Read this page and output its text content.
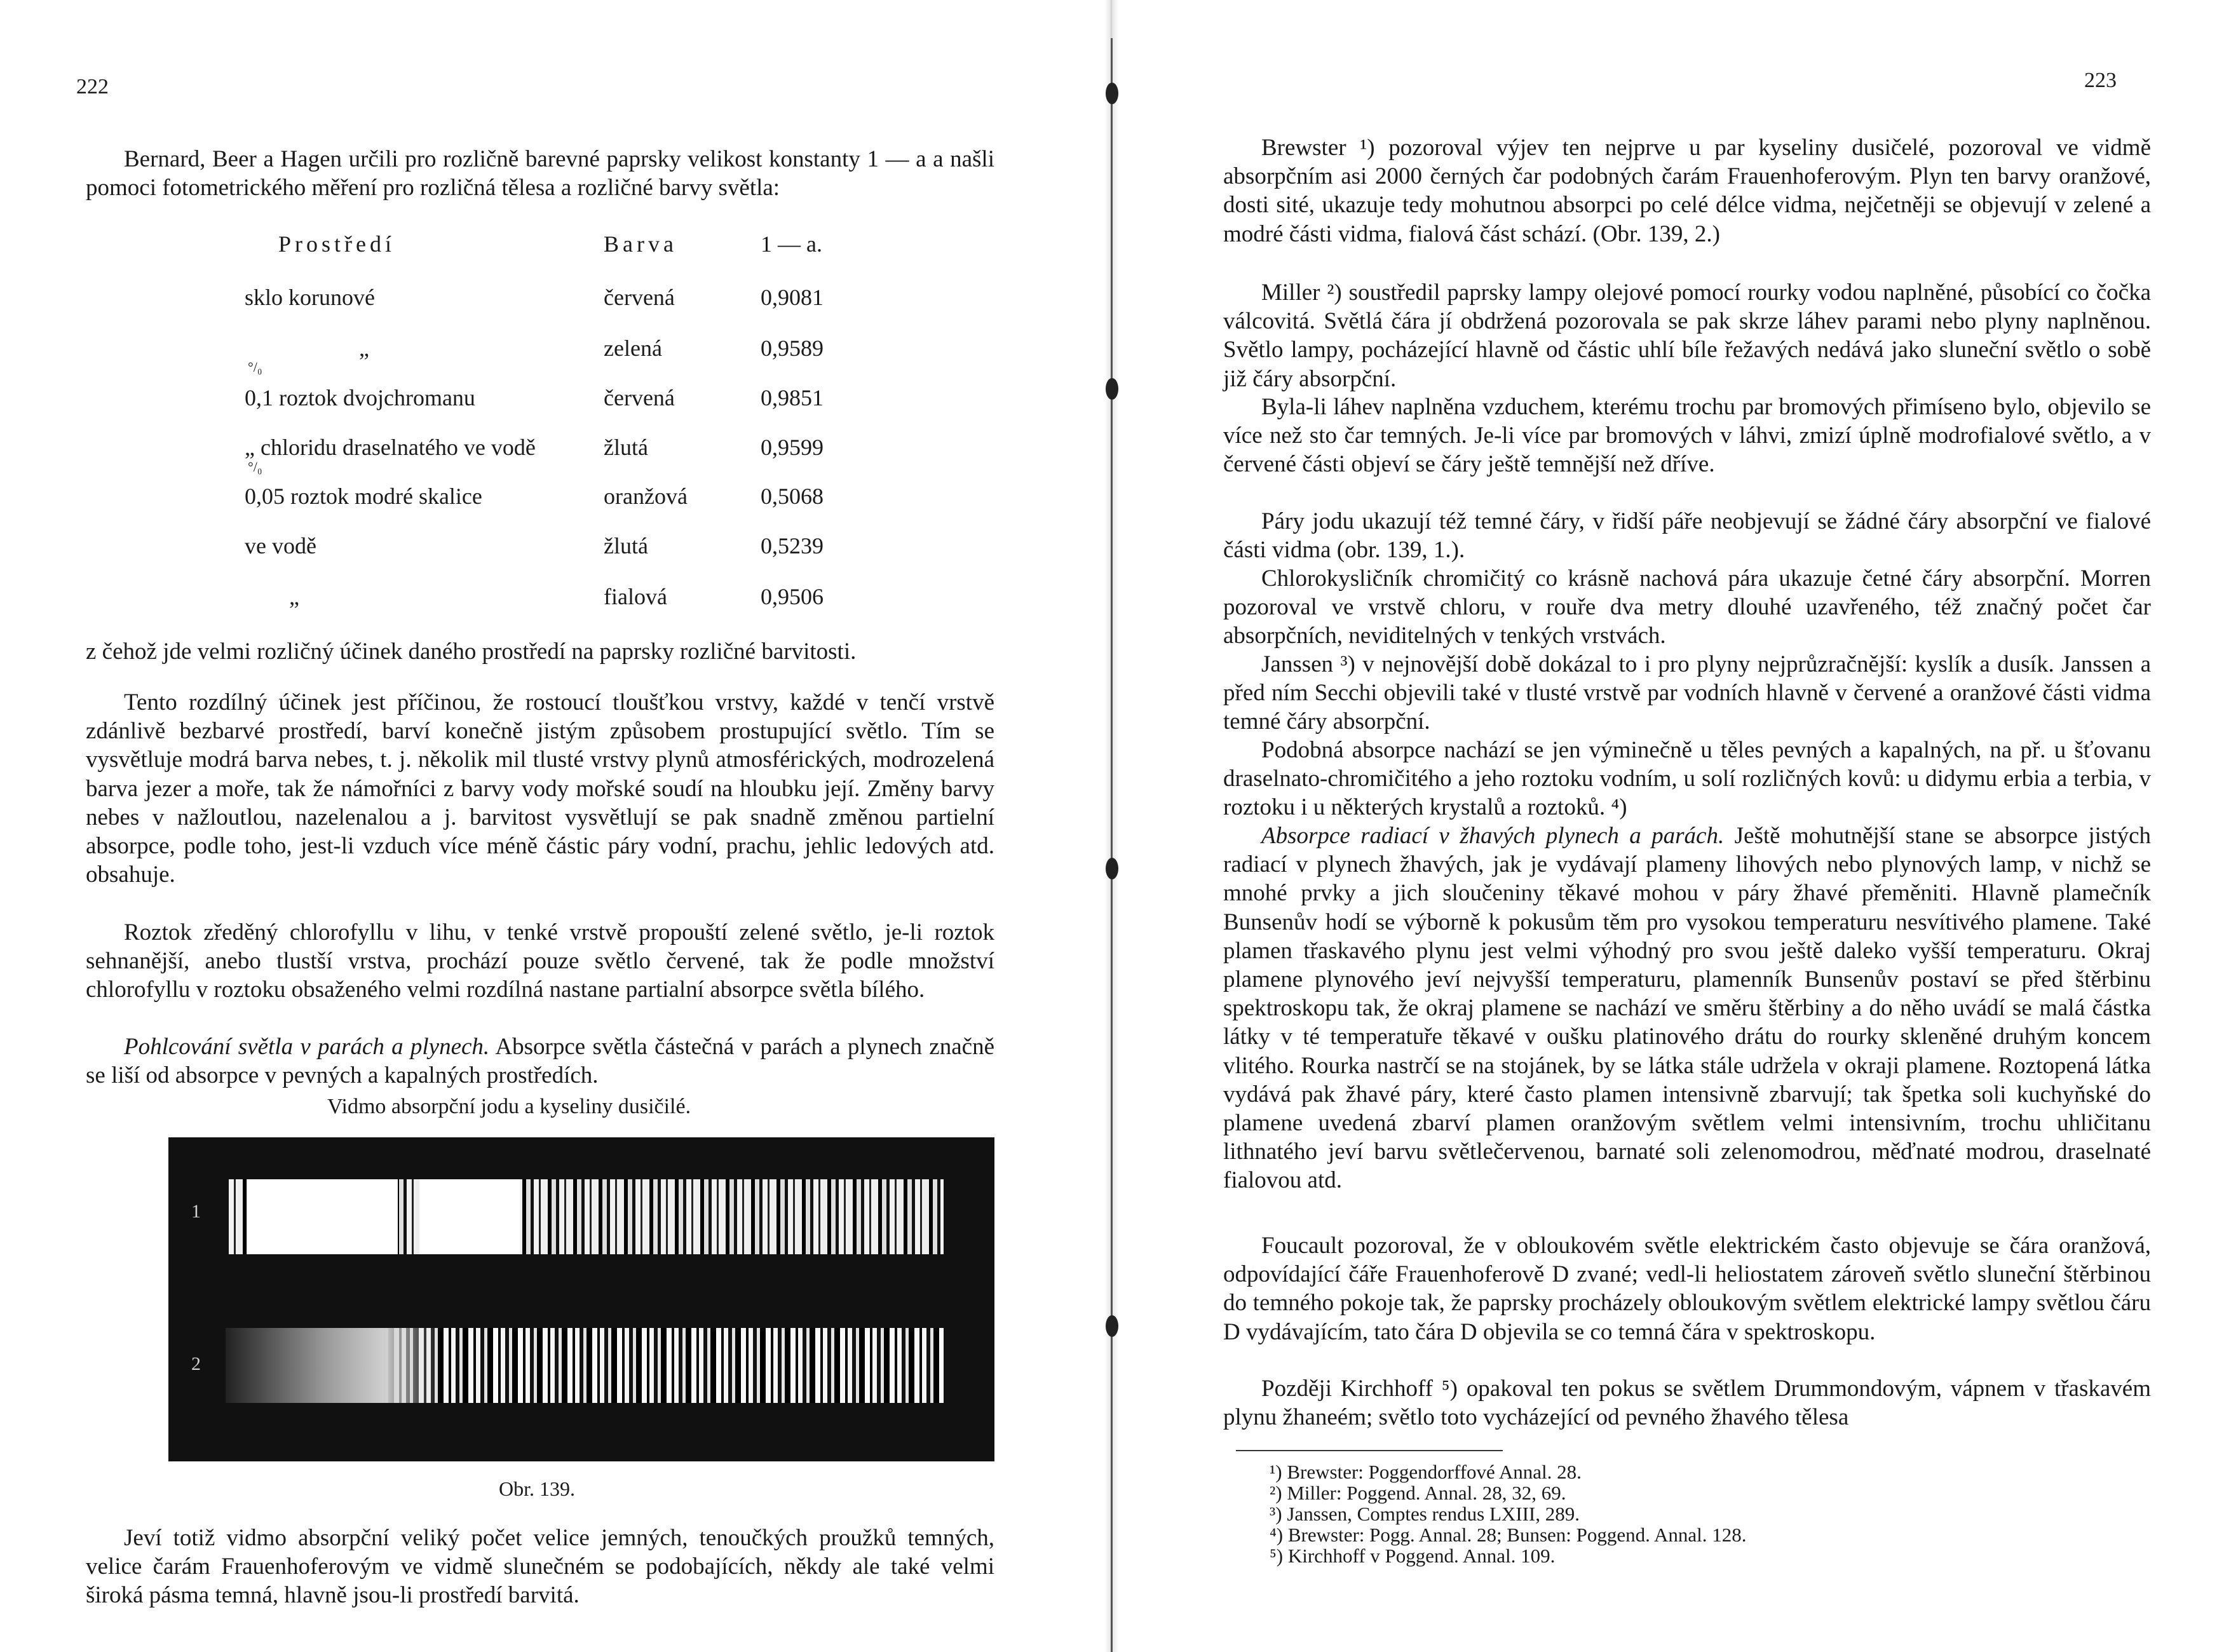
222

Bernard, Beer a Hagen určili pro rozličně barevné paprsky velikost konstanty 1 — a a našli pomoci fotometrického měření pro rozličná tělesa a rozličné barvy světla:

Prostředí	Barva	1 — a.
sklo korunové	červená	0,9081
„	zelená	0,9589
°/₀
0,1 roztok dvojchromanu	červená	0,9851
„ chloridu draselnatého ve vodě	žlutá	0,9599
°/₀
0,05 roztok modré skalice	oranžová	0,5068
ve vodě	žlutá	0,5239
„	fialová	0,9506

z čehož jde velmi rozličný účinek daného prostředí na paprsky rozličné barvitosti.

Tento rozdílný účinek jest příčinou, že rostoucí tloušťkou vrstvy, každé v tenčí vrstvě zdánlivě bezbarvé prostředí, barví konečně jistým způsobem prostupující světlo. Tím se vysvětluje modrá barva nebes, t. j. několik mil tlusté vrstvy plynů atmosférických, modrozelená barva jezer a moře, tak že námořníci z barvy vody mořské soudí na hloubku její. Změny barvy nebes v nažloutlou, nazelenalou a j. barvitost vysvětlují se pak snadně změnou partielní absorpce, podle toho, jest-li vzduch více méně částic páry vodní, prachu, jehlic ledových atd. obsahuje.

Roztok zředěný chlorofyllu v lihu, v tenké vrstvě propouští zelené světlo, je-li roztok sehnanější, anebo tlustší vrstva, prochází pouze světlo červené, tak že podle množství chlorofyllu v roztoku obsaženého velmi rozdílná nastane partialní absorpce světla bílého.

Pohlcování světla v parách a plynech. Absorpce světla částečná v parách a plynech značně se liší od absorpce v pevných a kapalných prostředích.

Vidmo absorpční jodu a kyseliny dusičilé.
1
2
Obr. 139.

Jeví totiž vidmo absorpční veliký počet velice jemných, tenoučkých proužků temných, velice čarám Frauenhoferovým ve vidmě slunečném se podobajících, někdy ale také velmi široká pásma temná, hlavně jsou-li prostředí barvitá.

223

Brewster ¹) pozoroval výjev ten nejprve u par kyseliny dusičelé, pozoroval ve vidmě absorpčním asi 2000 černých čar podobných čarám Frauenhoferovým. Plyn ten barvy oranžové, dosti sité, ukazuje tedy mohutnou absorpci po celé délce vidma, nejčetněji se objevují v zelené a modré části vidma, fialová část schází. (Obr. 139, 2.)

Miller ²) soustředil paprsky lampy olejové pomocí rourky vodou naplněné, působící co čočka válcovitá. Světlá čára jí obdržená pozorovala se pak skrze láhev parami nebo plyny naplněnou. Světlo lampy, pocházející hlavně od částic uhlí bíle řežavých nedává jako sluneční světlo o sobě již čáry absorpční.

Byla-li láhev naplněna vzduchem, kterému trochu par bromových přimíseno bylo, objevilo se více než sto čar temných. Je-li více par bromových v láhvi, zmizí úplně modrofialové světlo, a v červené části objeví se čáry ještě temnější než dříve.

Páry jodu ukazují též temné čáry, v řidší páře neobjevují se žádné čáry absorpční ve fialové části vidma (obr. 139, 1.).

Chlorokysličník chromičitý co krásně nachová pára ukazuje četné čáry absorpční. Morren pozoroval ve vrstvě chloru, v rouře dva metry dlouhé uzavřeného, též značný počet čar absorpčních, neviditelných v tenkých vrstvách.

Janssen ³) v nejnovější době dokázal to i pro plyny nejprůzračnější: kyslík a dusík. Janssen a před ním Secchi objevili také v tlusté vrstvě par vodních hlavně v červené a oranžové části vidma temné čáry absorpční.

Podobná absorpce nachází se jen výminečně u těles pevných a kapalných, na př. u šťovanu draselnato-chromičitého a jeho roztoku vodním, u solí rozličných kovů: u didymu erbia a terbia, v roztoku i u některých krystalů a roztoků. ⁴)

Absorpce radiací v žhavých plynech a parách. Ještě mohutnější stane se absorpce jistých radiací v plynech žhavých, jak je vydávají plameny lihových nebo plynových lamp, v nichž se mnohé prvky a jich sloučeniny těkavé mohou v páry žhavé přeměniti. Hlavně plamečník Bunsenův hodí se výborně k pokusům těm pro vysokou temperaturu nesvítivého plamene. Také plamen třaskavého plynu jest velmi výhodný pro svou ještě daleko vyšší temperaturu. Okraj plamene plynového jeví nejvyšší temperaturu, plamenník Bunsenův postaví se před štěrbinu spektroskopu tak, že okraj plamene se nachází ve směru štěrbiny a do něho uvádí se malá částka látky v té temperatuře těkavé v oušku platinového drátu do rourky skleněné druhým koncem vlitého. Rourka nastrčí se na stojánek, by se látka stále udržela v okraji plamene. Roztopená látka vydává pak žhavé páry, které často plamen intensivně zbarvují; tak špetka soli kuchyňské do plamene uvedená zbarví plamen oranžovým světlem velmi intensivním, trochu uhličitanu lithnatého jeví barvu světlečervenou, barnaté soli zelenomodrou, měďnaté modrou, draselnaté fialovou atd.

Foucault pozoroval, že v obloukovém světle elektrickém často objevuje se čára oranžová, odpovídající čáře Frauenhoferově D zvané; vedl-li heliostatem zároveň světlo sluneční štěrbinou do temného pokoje tak, že paprsky procházely obloukovým světlem elektrické lampy světlou čáru D vydávajícím, tato čára D objevila se co temná čára v spektroskopu.

Později Kirchhoff ⁵) opakoval ten pokus se světlem Drummondovým, vápnem v třaskavém plynu žhaneém; světlo toto vycházející od pevného žhavého tělesa

¹) Brewster: Poggendorffové Annal. 28.
²) Miller: Poggend. Annal. 28, 32, 69.
³) Janssen, Comptes rendus LXIII, 289.
⁴) Brewster: Pogg. Annal. 28; Bunsen: Poggend. Annal. 128.
⁵) Kirchhoff v Poggend. Annal. 109.
